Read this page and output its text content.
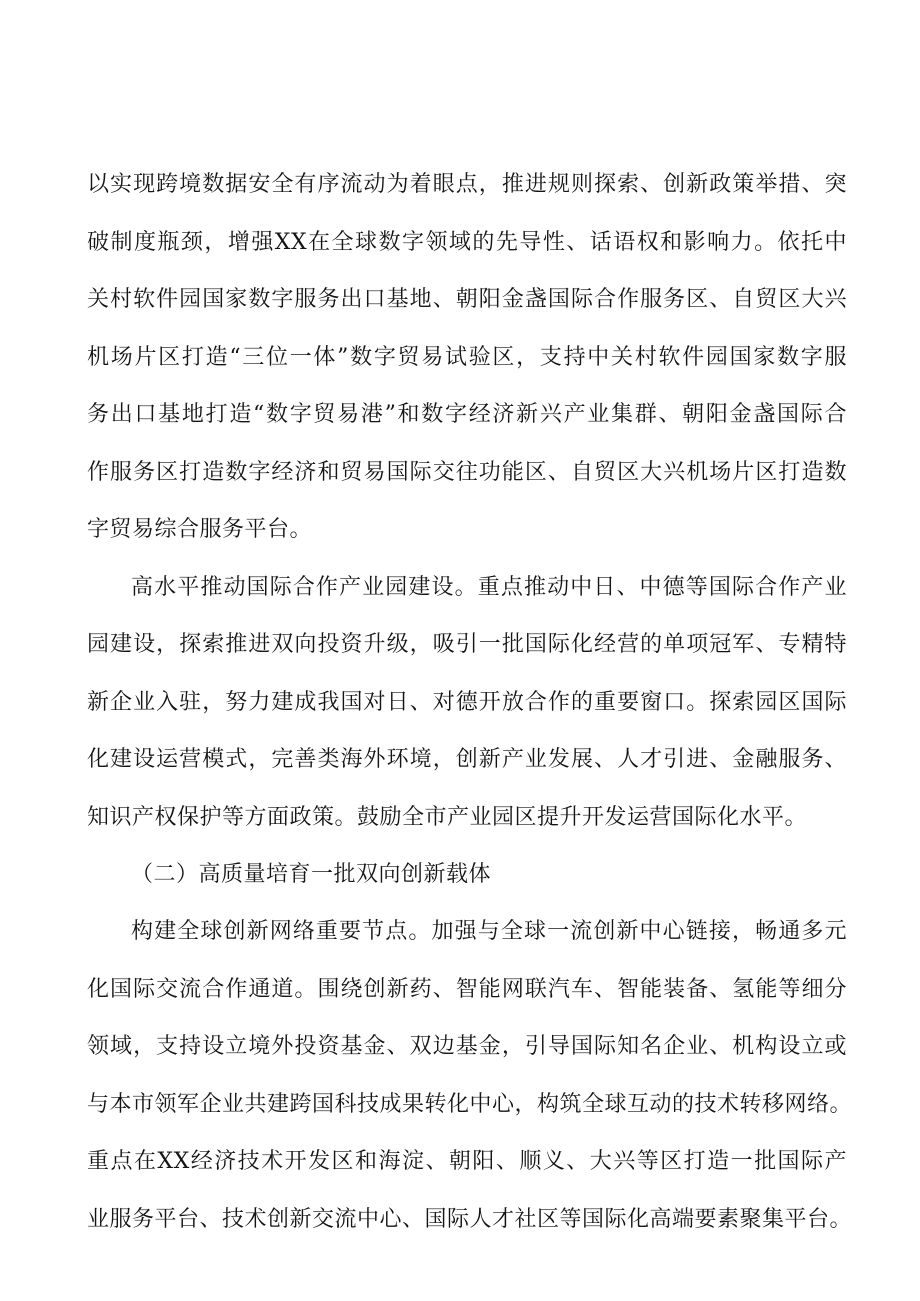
以实现跨境数据安全有序流动为着眼点，推进规则探索、创新政策举措、突
破制度瓶颈，增强XX在全球数字领域的先导性、话语权和影响力。依托中
关村软件园国家数字服务出口基地、朝阳金盏国际合作服务区、自贸区大兴
机场片区打造“三位一体”数字贸易试验区，支持中关村软件园国家数字服
务出口基地打造“数字贸易港”和数字经济新兴产业集群、朝阳金盏国际合
作服务区打造数字经济和贸易国际交往功能区、自贸区大兴机场片区打造数
字贸易综合服务平台。
高水平推动国际合作产业园建设。重点推动中日、中德等国际合作产业
园建设，探索推进双向投资升级，吸引一批国际化经营的单项冠军、专精特
新企业入驻，努力建成我国对日、对德开放合作的重要窗口。探索园区国际
化建设运营模式，完善类海外环境，创新产业发展、人才引进、金融服务、
知识产权保护等方面政策。鼓励全市产业园区提升开发运营国际化水平。
（二）高质量培育一批双向创新载体
构建全球创新网络重要节点。加强与全球一流创新中心链接，畅通多元
化国际交流合作通道。围绕创新药、智能网联汽车、智能装备、氢能等细分
领域，支持设立境外投资基金、双边基金，引导国际知名企业、机构设立或
与本市领军企业共建跨国科技成果转化中心，构筑全球互动的技术转移网络。
重点在XX经济技术开发区和海淀、朝阳、顺义、大兴等区打造一批国际产
业服务平台、技术创新交流中心、国际人才社区等国际化高端要素聚集平台。
